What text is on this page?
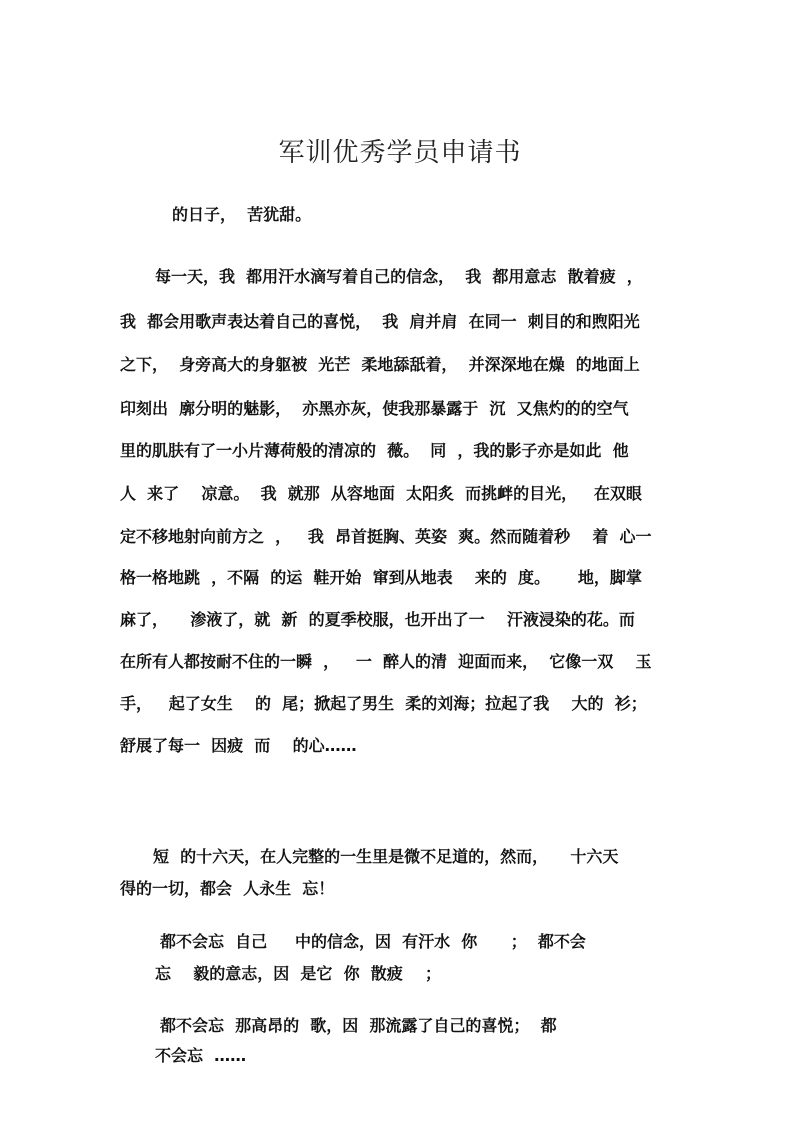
军训优秀学员申请书
的日子，  苦犹甜。
每一天，我  都用汗水滴写着自己的信念，  我  都用意志  散着疲  ，
我  都会用歌声表达着自己的喜悦，  我  肩并肩  在同一  刺目的和煦阳光
之下，  身旁高大的身躯被  光芒  柔地舔舐着，  并深深地在燥  的地面上
印刻出  廓分明的魅影，  亦黑亦灰，使我那暴露于  沉  又焦灼的的空气
里的肌肤有了一小片薄荷般的清凉的  薇。  同  ，我的影子亦是如此  他
人  来了    凉意。  我  就那  从容地面  太阳炙  而挑衅的目光，   在双眼
定不移地射向前方之  ，   我  昂首挺胸、英姿  爽。然而随着秒    着  心一
格一格地跳  ，不隔  的运  鞋开始  窜到从地表    来的  度。     地，脚掌
麻了，    渗液了，就  新  的夏季校服，也开出了一    汗液浸染的花。而
在所有人都按耐不住的一瞬  ，   一  醉人的清  迎面而来，  它像一双    玉
手，   起了女生    的  尾；掀起了男生  柔的刘海；拉起了我    大的  衫；
舒展了每一  因疲  而    的心……
短  的十六天，在人完整的一生里是微不足道的，然而，    十六天
得的一切，都会  人永生  忘！
都不会忘  自己     中的信念，因  有汗水  你      ；  都不会
忘    毅的意志，因  是它  你  散疲    ；
都不会忘  那高昂的  歌，因  那流露了自己的喜悦；  都
不会忘  ……
